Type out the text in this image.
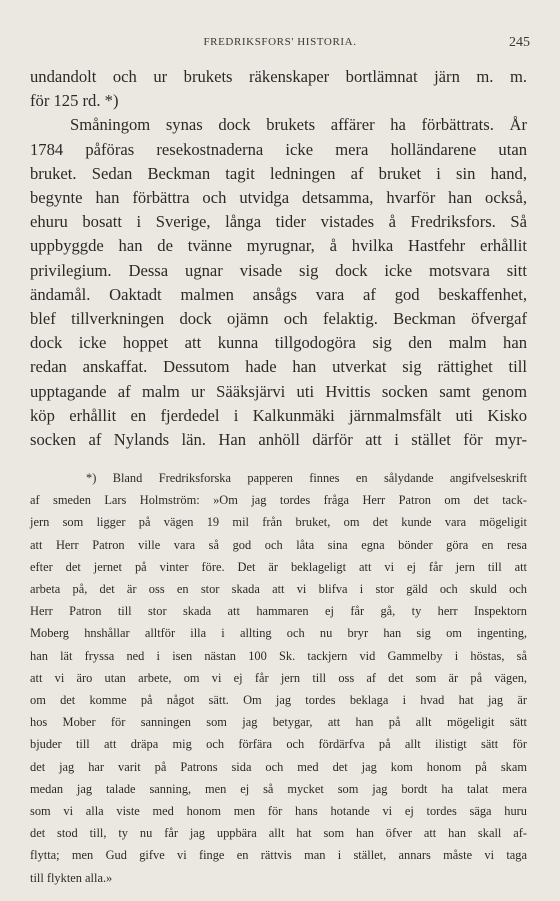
FREDRIKSFORS' HISTORIA.	245
undandolt och ur brukets räkenskaper bortlämnat järn m. m.
för 125 rd. *)
Småningom synas dock brukets affärer ha förbättrats. År
1784 påföras resekostnaderna icke mera holländarene utan
bruket. Sedan Beckman tagit ledningen af bruket i sin hand,
begynte han förbättra och utvidga detsamma, hvarför han också,
ehuru bosatt i Sverige, långa tider vistades å Fredriksfors. Så
uppbyggde han de tvänne myrugnar, å hvilka Hastfehr erhållit
privilegium. Dessa ugnar visade sig dock icke motsvara sitt
ändamål. Oaktadt malmen ansågs vara af god beskaffenhet,
blef tillverkningen dock ojämn och felaktig. Beckman öfvergaf
dock icke hoppet att kunna tillgodogöra sig den malm han
redan anskaffat. Dessutom hade han utverkat sig rättighet till
upptagande af malm ur Sääksjärvi uti Hvittis socken samt genom
köp erhållit en fjerdedel i Kalkunmäki järnmalmsfält uti Kisko
socken af Nylands län. Han anhöll därför att i stället för myr-
*) Bland Fredriksforska papperen finnes en sålydande angifvelseskrift
af smeden Lars Holmström: »Om jag tordes fråga Herr Patron om det tack-
jern som ligger på vägen 19 mil från bruket, om det kunde vara mögeligit
att Herr Patron ville vara så god och låta sina egna bönder göra en resa
efter det jernet på vinter före. Det är beklageligt att vi ej får jern till att
arbeta på, det är oss en stor skada att vi blifva i stor gäld och skuld och
Herr Patron till stor skada att hammaren ej får gå, ty herr Inspektorn
Moberg hnshållar alltför illa i allting och nu bryr han sig om ingenting,
han lät fryssa ned i isen nästan 100 Sk. tackjern vid Gammelby i höstas, så
att vi äro utan arbete, om vi ej får jern till oss af det som är på vägen,
om det komme på något sätt. Om jag tordes beklaga i hvad hat jag är
hos Mober för sanningen som jag betygar, att han på allt mögeligit sätt
bjuder till att dräpa mig och förfära och fördärfva på allt ilistigt sätt för
det jag har varit på Patrons sida och med det jag kom honom på skam
medan jag talade sanning, men ej så mycket som jag bordt ha talat mera
som vi alla viste med honom men för hans hotande vi ej tordes säga huru
det stod till, ty nu får jag uppbära allt hat som han öfver att han skall af-
flytta; men Gud gifve vi finge en rättvis man i stället, annars måste vi taga
till flykten alla.»
